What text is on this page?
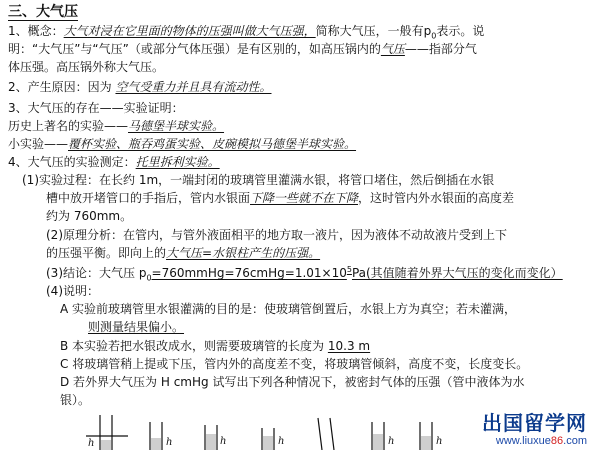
三、大气压
1、概念：大气对浸在它里面的物体的压强叫做大气压强，简称大气压，一般有$p_0$表示。说
明：“大气压”与“气压”（或部分气体压强）是有区别的，如高压锅内的气压——指部分气
体压强。高压锅外称大气压。
2、产生原因：因为 空气受重力并且具有流动性。
3、大气压的存在——实验证明：
历史上著名的实验——马德堡半球实验。
小实验——覆杯实验、瓶吞鸡蛋实验、皮碗模拟马德堡半球实验。
4、大气压的实验测定：托里拆利实验。
(1)实验过程：在长约 1m，一端封闭的玻璃管里灌满水银，将管口堵住，然后倒插在水银
槽中放开堵管口的手指后，管内水银面下降一些就不在下降，这时管内外水银面的高度差
约为 760mm。
(2)原理分析：在管内，与管外液面相平的地方取一液片，因为液体不动故液片受到上下
的压强平衡。即向上的大气压=水银柱产生的压强。
(3)结论：大气压 $p_0=760mmHg=76cmHg=1.01\times 10^5Pa$(其值随着外界大气压的变化而变化）
(4)说明：
A 实验前玻璃管里水银灌满的目的是：使玻璃管倒置后，水银上方为真空；若未灌满，
则测量结果偏小。
B 本实验若把水银改成水，则需要玻璃管的长度为 10.3 m
C 将玻璃管稍上提或下压，管内外的高度差不变，将玻璃管倾斜，高度不变，长度变长。
D 若外界大气压为 H cmHg 试写出下列各种情况下，被密封气体的压强（管中液体为水
银）。
h	h	h	h	h	h
出国留学网
www.liuxue86.com
